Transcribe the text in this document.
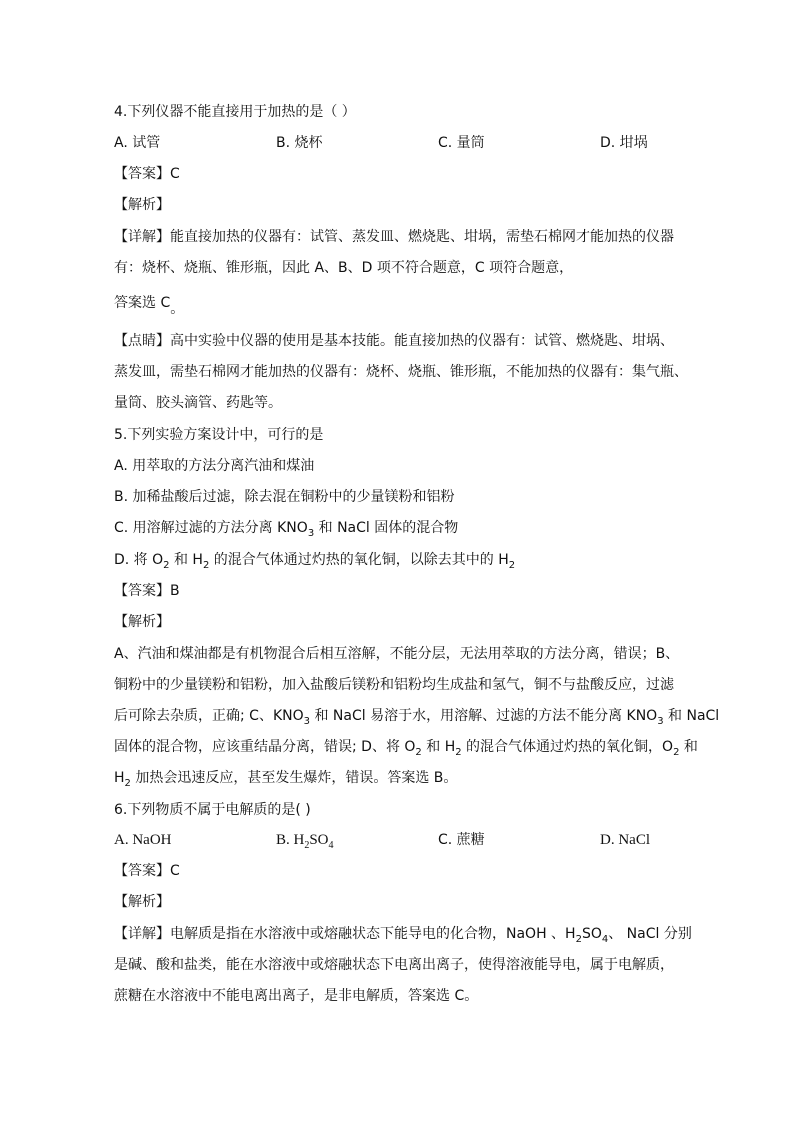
4.下列仪器不能直接用于加热的是（ ）
A. 试管	B. 烧杯	C. 量筒	D. 坩埚
【答案】C
【解析】
【详解】能直接加热的仪器有：试管、蒸发皿、燃烧匙、坩埚，需垫石棉网才能加热的仪器
有：烧杯、烧瓶、锥形瓶，因此 A、B、D 项不符合题意，C 项符合题意，
答案选 C。
【点睛】高中实验中仪器的使用是基本技能。能直接加热的仪器有：试管、燃烧匙、坩埚、
蒸发皿，需垫石棉网才能加热的仪器有：烧杯、烧瓶、锥形瓶，不能加热的仪器有：集气瓶、
量筒、胶头滴管、药匙等。
5.下列实验方案设计中，可行的是
A. 用萃取的方法分离汽油和煤油
B. 加稀盐酸后过滤，除去混在铜粉中的少量镁粉和铝粉
C. 用溶解过滤的方法分离 $KNO_3$ 和 NaCl 固体的混合物
D. 将 $O_2$ 和 $H_2$ 的混合气体通过灼热的氧化铜，以除去其中的 $H_2$
【答案】B
【解析】
A、汽油和煤油都是有机物混合后相互溶解，不能分层，无法用萃取的方法分离，错误；B、
铜粉中的少量镁粉和铝粉，加入盐酸后镁粉和铝粉均生成盐和氢气，铜不与盐酸反应，过滤
后可除去杂质，正确; C、$KNO_3$ 和 NaCl 易溶于水，用溶解、过滤的方法不能分离 $KNO_3$ 和 NaCl
固体的混合物，应该重结晶分离，错误; D、将 $O_2$ 和 $H_2$ 的混合气体通过灼热的氧化铜，$O_2$ 和
$H_2$ 加热会迅速反应，甚至发生爆炸，错误。答案选 B。
6.下列物质不属于电解质的是( )
A. NaOH	B. $H_2SO_4$	C. 蔗糖	D. NaCl
【答案】C
【解析】
【详解】电解质是指在水溶液中或熔融状态下能导电的化合物，NaOH 、$H_2SO_4$、 NaCl 分别
是碱、酸和盐类，能在水溶液中或熔融状态下电离出离子，使得溶液能导电，属于电解质，
蔗糖在水溶液中不能电离出离子，是非电解质，答案选 C。
